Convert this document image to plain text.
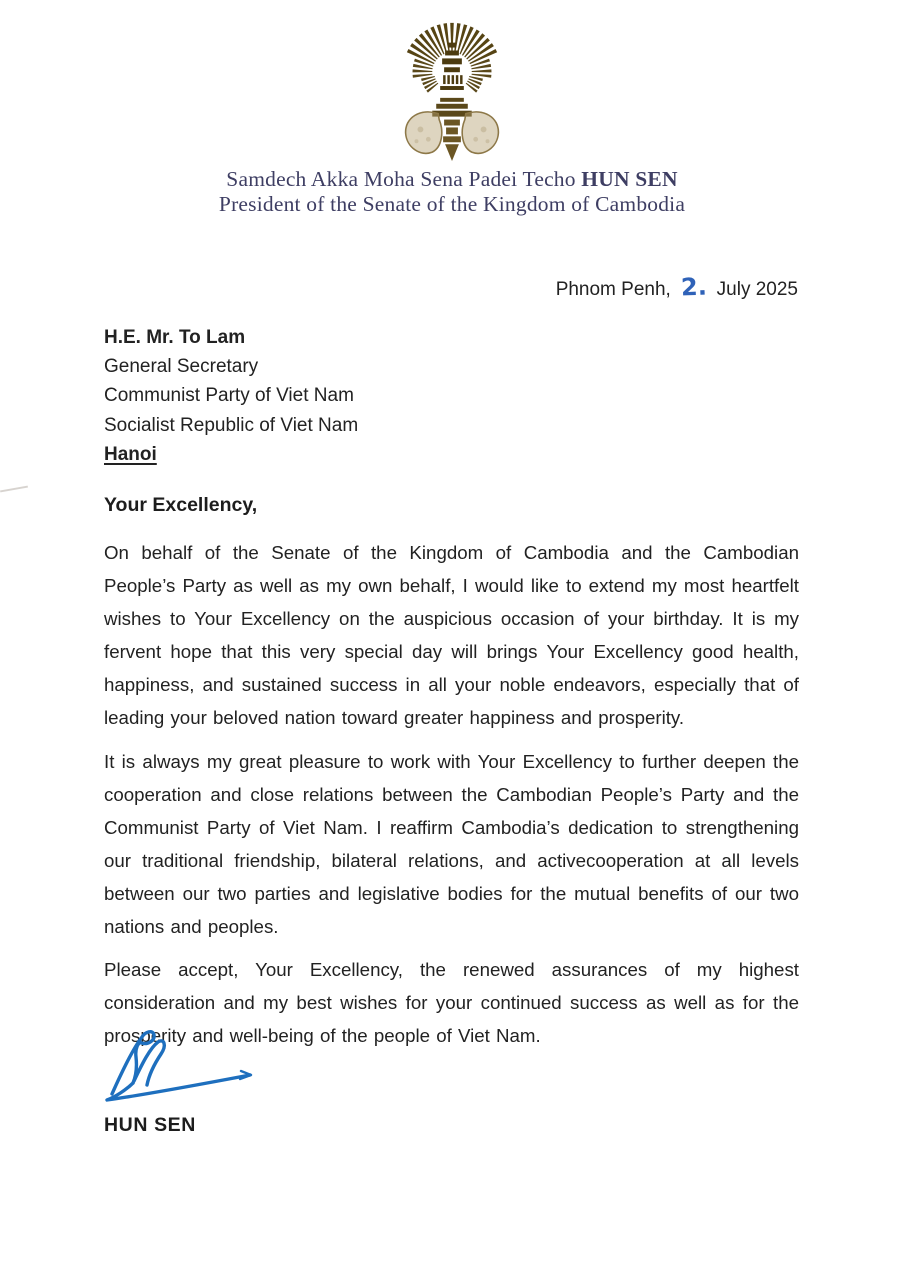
Samdech Akka Moha Sena Padei Techo HUN SEN
President of the Senate of the Kingdom of Cambodia
Phnom Penh, 2. July 2025
H.E. Mr. To Lam
General Secretary
Communist Party of Viet Nam
Socialist Republic of Viet Nam
Hanoi

Your Excellency,

On behalf of the Senate of the Kingdom of Cambodia and the Cambodian People’s Party as well as my own behalf, I would like to extend my most heartfelt wishes to Your Excellency on the auspicious occasion of your birthday. It is my fervent hope that this very special day will brings Your Excellency good health, happiness, and sustained success in all your noble endeavors, especially that of leading your beloved nation toward greater happiness and prosperity.

It is always my great pleasure to work with Your Excellency to further deepen the cooperation and close relations between the Cambodian People’s Party and the Communist Party of Viet Nam. I reaffirm Cambodia’s dedication to strengthening our traditional friendship, bilateral relations, and activecooperation at all levels between our two parties and legislative bodies for the mutual benefits of our two nations and peoples.

Please accept, Your Excellency, the renewed assurances of my highest consideration and my best wishes for your continued success as well as for the prosperity and well-being of the people of Viet Nam.

HUN SEN
